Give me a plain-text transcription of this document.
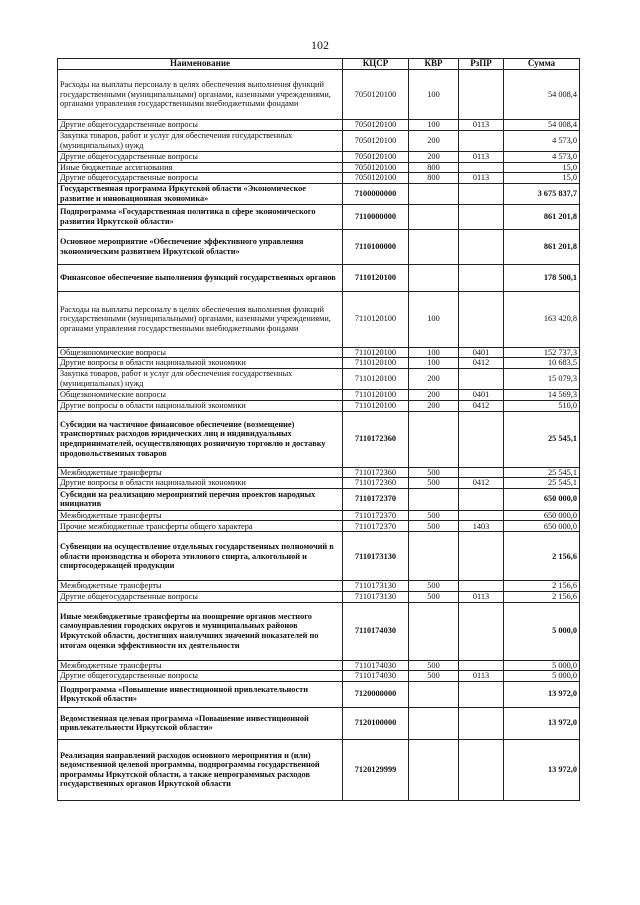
102
Наименование	КЦСР	КВР	РзПР	Сумма
Расходы на выплаты персоналу в целях обеспечения выполнения функций государственными (муниципальными) органами, казенными учреждениями, органами управления государственными внебюджетными фондами	7050120100	100		54 008,4
Другие общегосударственные вопросы	7050120100	100	0113	54 008,4
Закупка товаров, работ и услуг для обеспечения государственных (муниципальных) нужд	7050120100	200		4 573,0
Другие общегосударственные вопросы	7050120100	200	0113	4 573,0
Иные бюджетные ассигнования	7050120100	800		15,0
Другие общегосударственные вопросы	7050120100	800	0113	15,0
Государственная программа Иркутской области «Экономическое развитие и инновационная экономика»	7100000000			3 675 837,7
Подпрограмма «Государственная политика в сфере экономического развития Иркутской области»	7110000000			861 201,8
Основное мероприятие «Обеспечение эффективного управления экономическим развитием Иркутской области»	7110100000			861 201,8
Финансовое обеспечение выполнения функций государственных органов	7110120100			178 500,1
Расходы на выплаты персоналу в целях обеспечения выполнения функций государственными (муниципальными) органами, казенными учреждениями, органами управления государственными внебюджетными фондами	7110120100	100		163 420,8
Общеэкономические вопросы	7110120100	100	0401	152 737,3
Другие вопросы в области национальной экономики	7110120100	100	0412	10 683,5
Закупка товаров, работ и услуг для обеспечения государственных (муниципальных) нужд	7110120100	200		15 079,3
Общеэкономические вопросы	7110120100	200	0401	14 569,3
Другие вопросы в области национальной экономики	7110120100	200	0412	510,0
Субсидии на частичное финансовое обеспечение (возмещение) транспортных расходов юридических лиц и индивидуальных предпринимателей, осуществляющих розничную торговлю и доставку продовольственных товаров	7110172360			25 545,1
Межбюджетные трансферты	7110172360	500		25 545,1
Другие вопросы в области национальной экономики	7110172360	500	0412	25 545,1
Субсидии на реализацию мероприятий перечня проектов народных инициатив	7110172370			650 000,0
Межбюджетные трансферты	7110172370	500		650 000,0
Прочие межбюджетные трансферты общего характера	7110172370	500	1403	650 000,0
Субвенции на осуществление отдельных государственных полномочий в области производства и оборота этилового спирта, алкогольной и спиртосодержащей продукции	7110173130			2 156,6
Межбюджетные трансферты	7110173130	500		2 156,6
Другие общегосударственные вопросы	7110173130	500	0113	2 156,6
Иные межбюджетные трансферты на поощрение органов местного самоуправления городских округов и муниципальных районов Иркутской области, достигших наилучших значений показателей по итогам оценки эффективности их деятельности	7110174030			5 000,0
Межбюджетные трансферты	7110174030	500		5 000,0
Другие общегосударственные вопросы	7110174030	500	0113	5 000,0
Подпрограмма «Повышение инвестиционной привлекательности Иркутской области»	7120000000			13 972,0
Ведомственная целевая программа «Повышение инвестиционной привлекательности Иркутской области»	7120100000			13 972,0
Реализация направлений расходов основного мероприятия и (или) ведомственной целевой программы, подпрограммы государственной программы Иркутской области, а также непрограммных расходов государственных органов Иркутской области	7120129999			13 972,0
